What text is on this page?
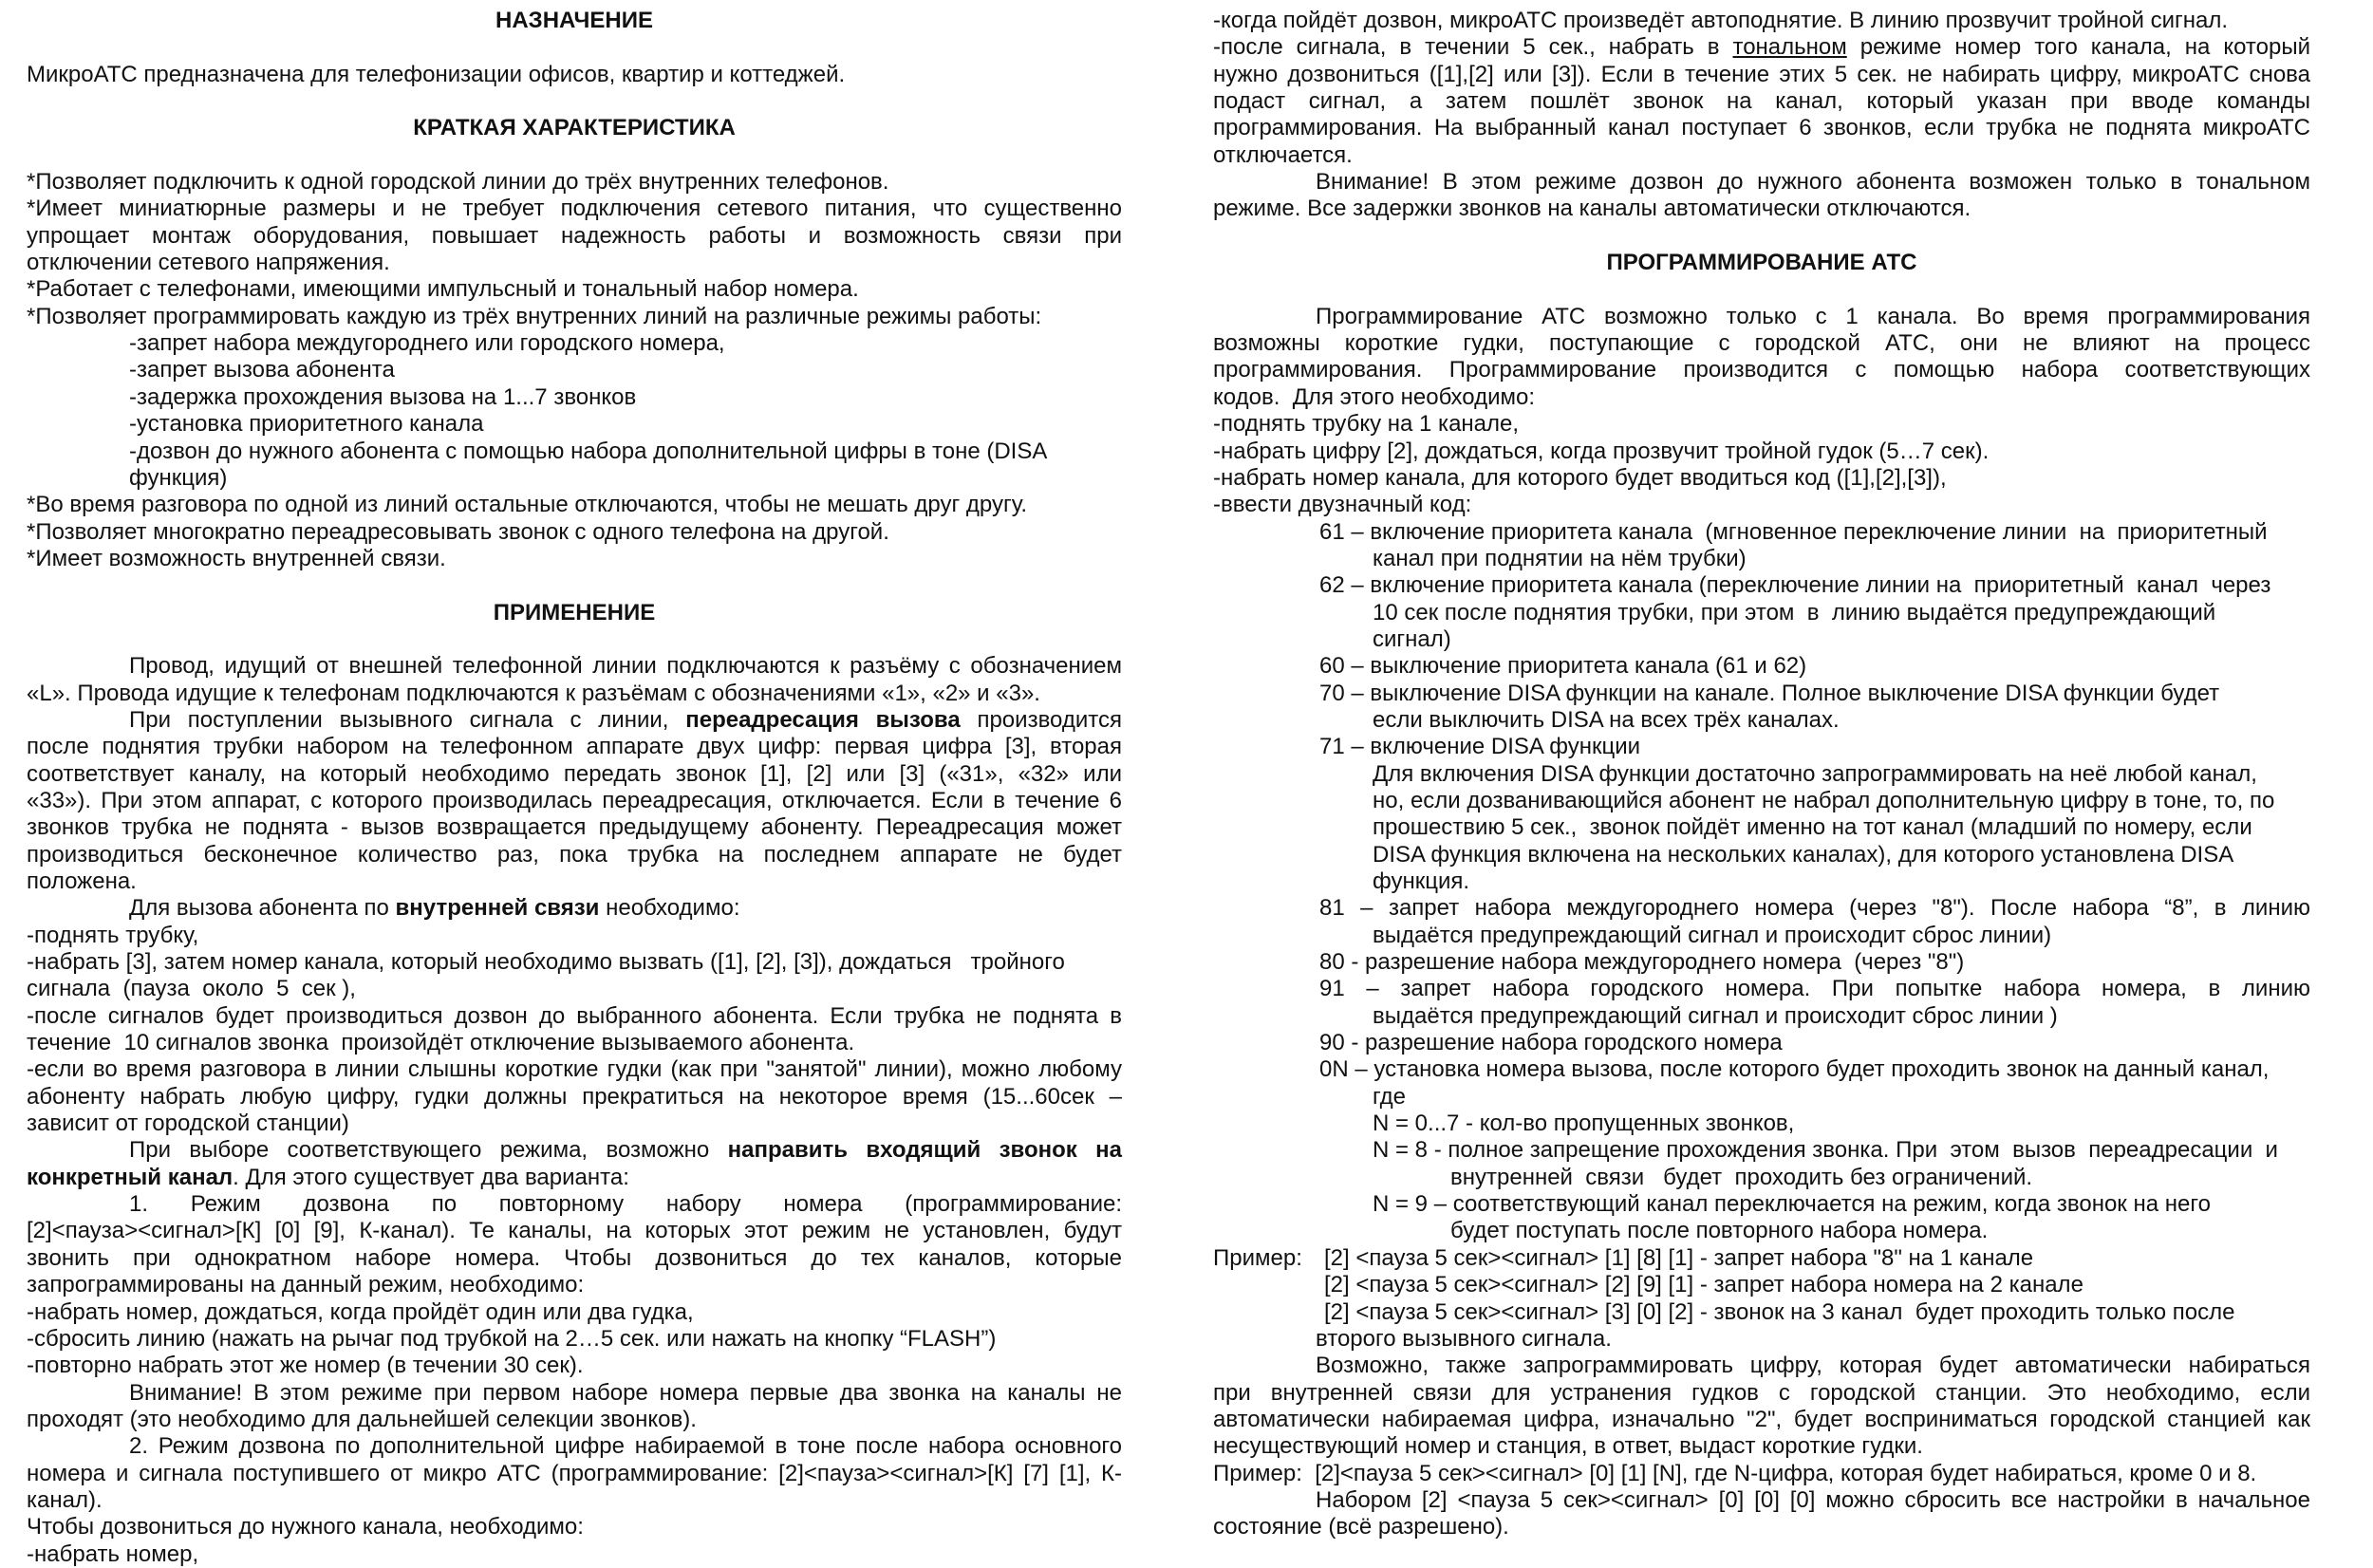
НАЗНАЧЕНИЕ
МикроАТС предназначена для телефонизации офисов, квартир и коттеджей.
КРАТКАЯ ХАРАКТЕРИСТИКА
*Позволяет подключить к одной городской линии до трёх внутренних телефонов.
*Имеет миниатюрные размеры и не требует подключения сетевого питания, что существенно
упрощает монтаж оборудования, повышает надежность работы и возможность связи при
отключении сетевого напряжения.
*Работает с телефонами, имеющими импульсный и тональный набор номера.
*Позволяет программировать каждую из трёх внутренних линий на различные режимы работы:
-запрет набора междугороднего или городского номера,
-запрет вызова абонента
-задержка прохождения вызова на 1...7 звонков
-установка приоритетного канала
-дозвон до нужного абонента с помощью набора дополнительной цифры в тоне (DISA
функция)
*Во время разговора по одной из линий остальные отключаются, чтобы не мешать друг другу.
*Позволяет многократно переадресовывать звонок с одного телефона на другой.
*Имеет возможность внутренней связи.
ПРИМЕНЕНИЕ
Провод, идущий от внешней телефонной линии подключаются к разъёму с обозначением
«L». Провода идущие к телефонам подключаются к разъёмам с обозначениями «1», «2» и «3».
При поступлении вызывного сигнала с линии, переадресация вызова производится
после поднятия трубки набором на телефонном аппарате двух цифр: первая цифра [3], вторая
соответствует каналу, на который необходимо передать звонок [1], [2] или [3] («31», «32» или
«33»). При этом аппарат, с которого производилась переадресация, отключается. Если в течение 6
звонков трубка не поднята - вызов возвращается предыдущему абоненту. Переадресация может
производиться бесконечное количество раз, пока трубка на последнем аппарате не будет
положена.
Для вызова абонента по внутренней связи необходимо:
-поднять трубку,
-набрать [3], затем номер канала, который необходимо вызвать ([1], [2], [3]), дождаться   тройного
сигнала  (пауза  около  5  сек ),
-после сигналов будет производиться дозвон до выбранного абонента. Если трубка не поднята в
течение  10 сигналов звонка  произойдёт отключение вызываемого абонента.
-если во время разговора в линии слышны короткие гудки (как при "занятой" линии), можно любому
абоненту набрать любую цифру, гудки должны прекратиться на некоторое время (15...60сек –
зависит от городской станции)
При выборе соответствующего режима, возможно направить входящий звонок на
конкретный канал. Для этого существует два варианта:
1. Режим дозвона по повторному набору номера (программирование:
[2]<пауза><сигнал>[К] [0] [9], К-канал). Те каналы, на которых этот режим не установлен, будут
звонить при однократном наборе номера. Чтобы дозвониться до тех каналов, которые
запрограммированы на данный режим, необходимо:
-набрать номер, дождаться, когда пройдёт один или два гудка,
-сбросить линию (нажать на рычаг под трубкой на 2…5 сек. или нажать на кнопку “FLASH”)
-повторно набрать этот же номер (в течении 30 сек).
Внимание! В этом режиме при первом наборе номера первые два звонка на каналы не
проходят (это необходимо для дальнейшей селекции звонков).
2. Режим дозвона по дополнительной цифре набираемой в тоне после набора основного
номера и сигнала поступившего от микро АТС (программирование: [2]<пауза><сигнал>[К] [7] [1], К-
канал).
Чтобы дозвониться до нужного канала, необходимо:
-набрать номер,
-когда пойдёт дозвон, микроАТС произведёт автоподнятие. В линию прозвучит тройной сигнал.
-после сигнала, в течении 5 сек., набрать в тональном режиме номер того канала, на который
нужно дозвониться ([1],[2] или [3]). Если в течение этих 5 сек. не набирать цифру, микроАТС снова
подаст сигнал, а затем пошлёт звонок на канал, который указан при вводе команды
программирования. На выбранный канал поступает 6 звонков, если трубка не поднята микроАТС
отключается.
Внимание! В этом режиме дозвон до нужного абонента возможен только в тональном
режиме. Все задержки звонков на каналы автоматически отключаются.
ПРОГРАММИРОВАНИЕ АТС
Программирование АТС возможно только с 1 канала. Во время программирования
возможны короткие гудки, поступающие с городской АТС, они не влияют на процесс
программирования. Программирование производится с помощью набора соответствующих
кодов.  Для этого необходимо:
-поднять трубку на 1 канале,
-набрать цифру [2], дождаться, когда прозвучит тройной гудок (5…7 сек).
-набрать номер канала, для которого будет вводиться код ([1],[2],[3]),
-ввести двузначный код:
61 – включение приоритета канала  (мгновенное переключение линии  на  приоритетный
канал при поднятии на нём трубки)
62 – включение приоритета канала (переключение линии на  приоритетный  канал  через
10 сек после поднятия трубки, при этом  в  линию выдаётся предупреждающий
сигнал)
60 – выключение приоритета канала (61 и 62)
70 – выключение DISA функции на канале. Полное выключение DISA функции будет
если выключить DISA на всех трёх каналах.
71 – включение DISA функции
Для включения DISA функции достаточно запрограммировать на неё любой канал,
но, если дозванивающийся абонент не набрал дополнительную цифру в тоне, то, по
прошествию 5 сек.,  звонок пойдёт именно на тот канал (младший по номеру, если
DISA функция включена на нескольких каналах), для которого установлена DISA
функция.
81 – запрет набора междугороднего номера (через "8"). После набора “8”, в линию
выдаётся предупреждающий сигнал и происходит сброс линии)
80 - разрешение набора междугороднего номера  (через "8")
91 – запрет набора городского номера. При попытке набора номера, в линию
выдаётся предупреждающий сигнал и происходит сброс линии )
90 - разрешение набора городского номера
0N – установка номера вызова, после которого будет проходить звонок на данный канал,
где
N = 0...7 - кол-во пропущенных звонков,
N = 8 - полное запрещение прохождения звонка. При  этом  вызов  переадресации  и
внутренней  связи   будет  проходить без ограничений.
N = 9 – соответствующий канал переключается на режим, когда звонок на него
будет поступать после повторного набора номера.
Пример: [2] <пауза 5 сек><сигнал> [1] [8] [1] - запрет набора "8" на 1 канале
[2] <пауза 5 сек><сигнал> [2] [9] [1] - запрет набора номера на 2 канале
[2] <пауза 5 сек><сигнал> [3] [0] [2] - звонок на 3 канал  будет проходить только после
второго вызывного сигнала.
Возможно, также запрограммировать цифру, которая будет автоматически набираться
при внутренней связи для устранения гудков с городской станции. Это необходимо, если
автоматически набираемая цифра, изначально "2", будет восприниматься городской станцией как
несуществующий номер и станция, в ответ, выдаст короткие гудки.
Пример:  [2]<пауза 5 сек><сигнал> [0] [1] [N], где N-цифра, которая будет набираться, кроме 0 и 8.
Набором [2] <пауза 5 сек><сигнал> [0] [0] [0] можно сбросить все настройки в начальное
состояние (всё разрешено).
